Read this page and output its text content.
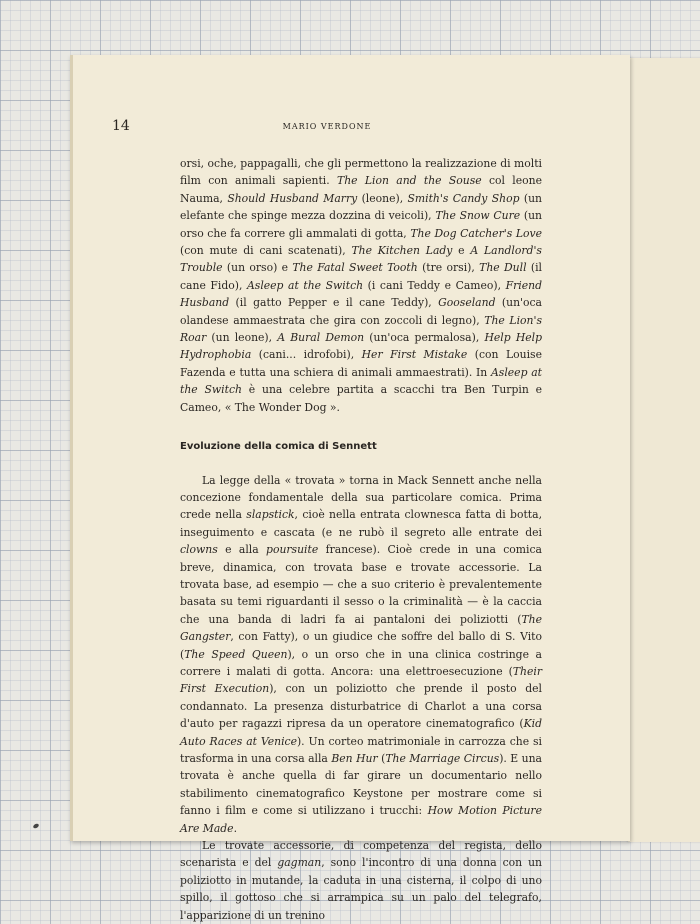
14	MARIO VERDONE

orsi, oche, pappagalli, che gli permettono la realizzazione di molti film con animali sapienti. The Lion and the Souse col leone Nauma, Should Husband Marry (leone), Smith's Candy Shop (un elefante che spinge mezza dozzina di veicoli), The Snow Cure (un orso che fa correre gli ammalati di gotta, The Dog Catcher's Love (con mute di cani scatenati), The Kitchen Lady e A Landlord's Trouble (un orso) e The Fatal Sweet Tooth (tre orsi), The Dull (il cane Fido), Asleep at the Switch (i cani Teddy e Cameo), Friend Husband (il gatto Pepper e il cane Teddy), Gooseland (un'oca olandese ammaestrata che gira con zoccoli di legno), The Lion's Roar (un leone), A Bural Demon (un'oca permalosa), Help Help Hydrophobia (cani... idrofobi), Her First Mistake (con Louise Fazenda e tutta una schiera di animali ammaestrati). In Asleep at the Switch è una celebre partita a scacchi tra Ben Turpin e Cameo, « The Wonder Dog ».

Evoluzione della comica di Sennett

La legge della « trovata » torna in Mack Sennett anche nella concezione fondamentale della sua particolare comica. Prima crede nella slapstick, cioè nella entrata clownesca fatta di botta, inseguimento e cascata (e ne rubò il segreto alle entrate dei clowns e alla poursuite francese). Cioè crede in una comica breve, dinamica, con trovata base e trovate accessorie. La trovata base, ad esempio — che a suo criterio è prevalentemente basata su temi riguardanti il sesso o la criminalità — è la caccia che una banda di ladri fa ai pantaloni dei poliziotti (The Gangster, con Fatty), o un giudice che soffre del ballo di S. Vito (The Speed Queen), o un orso che in una clinica costringe a correre i malati di gotta. Ancora: una elettroesecuzione (Their First Execution), con un poliziotto che prende il posto del condannato. La presenza disturbatrice di Charlot a una corsa d'auto per ragazzi ripresa da un operatore cinematografico (Kid Auto Races at Venice). Un corteo matrimoniale in carrozza che si trasforma in una corsa alla Ben Hur (The Marriage Circus). E una trovata è anche quella di far girare un documentario nello stabilimento cinematografico Keystone per mostrare come si fanno i film e come si utilizzano i trucchi: How Motion Picture Are Made.

Le trovate accessorie, di competenza del regista, dello scenarista e del gagman, sono l'incontro di una donna con un poliziotto in mutande, la caduta in una cisterna, il colpo di uno spillo, il gottoso che si arrampica su un palo del telegrafo, l'apparizione di un trenino
